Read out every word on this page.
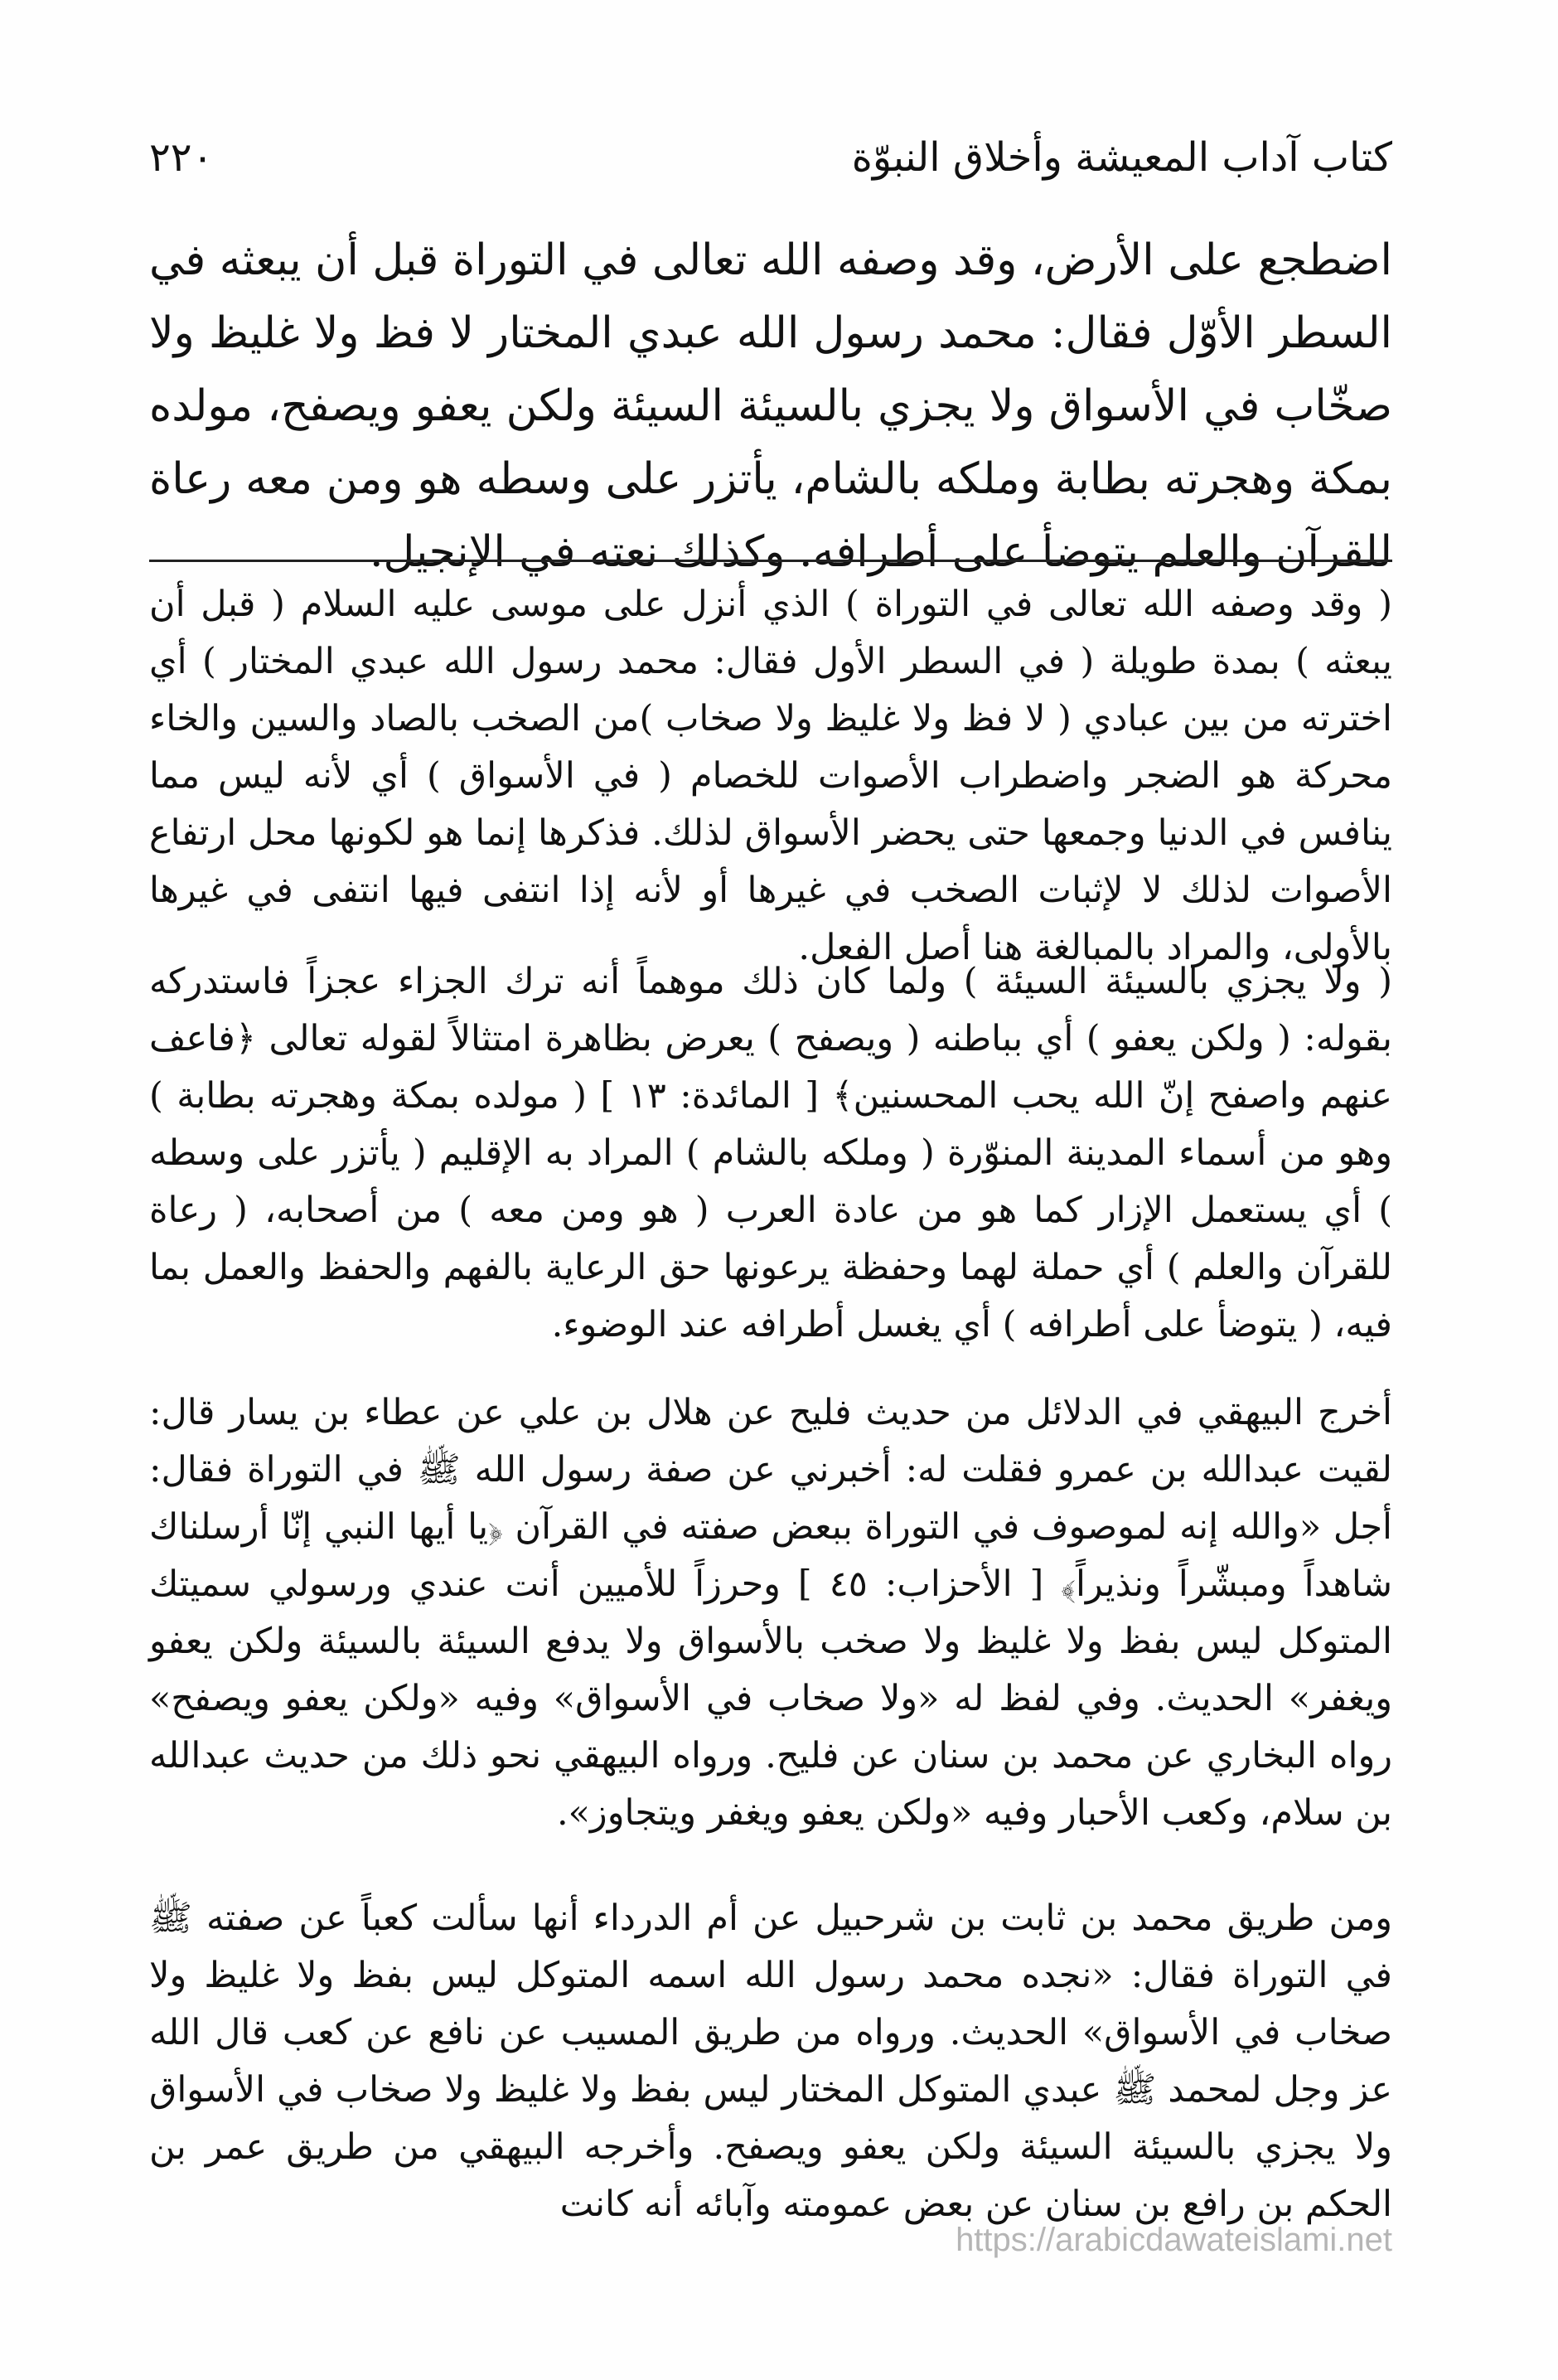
كتاب آداب المعيشة وأخلاق النبوّة
٢٢٠

اضطجع على الأرض، وقد وصفه الله تعالى في التوراة قبل أن يبعثه في السطر الأوّل فقال: محمد رسول الله عبدي المختار لا فظ ولا غليظ ولا صخّاب في الأسواق ولا يجزي بالسيئة السيئة ولكن يعفو ويصفح، مولده بمكة وهجرته بطابة وملكه بالشام، يأتزر على وسطه هو ومن معه رعاة للقرآن والعلم يتوضأ على أطرافه. وكذلك نعته في الإنجيل.

( وقد وصفه الله تعالى في التوراة ) الذي أنزل على موسى عليه السلام ( قبل أن يبعثه ) بمدة طويلة ( في السطر الأول فقال: محمد رسول الله عبدي المختار ) أي اخترته من بين عبادي ( لا فظ ولا غليظ ولا صخاب )من الصخب بالصاد والسين والخاء محركة هو الضجر واضطراب الأصوات للخصام ( في الأسواق ) أي لأنه ليس مما ينافس في الدنيا وجمعها حتى يحضر الأسواق لذلك. فذكرها إنما هو لكونها محل ارتفاع الأصوات لذلك لا لإثبات الصخب في غيرها أو لأنه إذا انتفى فيها انتفى في غيرها بالأولى، والمراد بالمبالغة هنا أصل الفعل.

( ولا يجزي بالسيئة السيئة ) ولما كان ذلك موهماً أنه ترك الجزاء عجزاً فاستدركه بقوله: ( ولكن يعفو ) أي بباطنه ( ويصفح ) يعرض بظاهرة امتثالاً لقوله تعالى ﴿فاعف عنهم واصفح إنّ الله يحب المحسنين﴾ [ المائدة: ١٣ ] ( مولده بمكة وهجرته بطابة ) وهو من أسماء المدينة المنوّرة ( وملكه بالشام ) المراد به الإقليم ( يأتزر على وسطه ) أي يستعمل الإزار كما هو من عادة العرب ( هو ومن معه ) من أصحابه، ( رعاة للقرآن والعلم ) أي حملة لهما وحفظة يرعونها حق الرعاية بالفهم والحفظ والعمل بما فيه، ( يتوضأ على أطرافه ) أي يغسل أطرافه عند الوضوء.

أخرج البيهقي في الدلائل من حديث فليح عن هلال بن علي عن عطاء بن يسار قال: لقيت عبدالله بن عمرو فقلت له: أخبرني عن صفة رسول الله ﷺ في التوراة فقال: أجل «والله إنه لموصوف في التوراة ببعض صفته في القرآن ﴿يا أيها النبي إنّا أرسلناك شاهداً ومبشّراً ونذيراً﴾ [ الأحزاب: ٤٥ ] وحرزاً للأميين أنت عندي ورسولي سميتك المتوكل ليس بفظ ولا غليظ ولا صخب بالأسواق ولا يدفع السيئة بالسيئة ولكن يعفو ويغفر» الحديث. وفي لفظ له «ولا صخاب في الأسواق» وفيه «ولكن يعفو ويصفح» رواه البخاري عن محمد بن سنان عن فليح. ورواه البيهقي نحو ذلك من حديث عبدالله بن سلام، وكعب الأحبار وفيه «ولكن يعفو ويغفر ويتجاوز».

ومن طريق محمد بن ثابت بن شرحبيل عن أم الدرداء أنها سألت كعباً عن صفته ﷺ في التوراة فقال: «نجده محمد رسول الله اسمه المتوكل ليس بفظ ولا غليظ ولا صخاب في الأسواق» الحديث. ورواه من طريق المسيب عن نافع عن كعب قال الله عز وجل لمحمد ﷺ عبدي المتوكل المختار ليس بفظ ولا غليظ ولا صخاب في الأسواق ولا يجزي بالسيئة السيئة ولكن يعفو ويصفح. وأخرجه البيهقي من طريق عمر بن الحكم بن رافع بن سنان عن بعض عمومته وآبائه أنه كانت

https://arabicdawateislami.net
